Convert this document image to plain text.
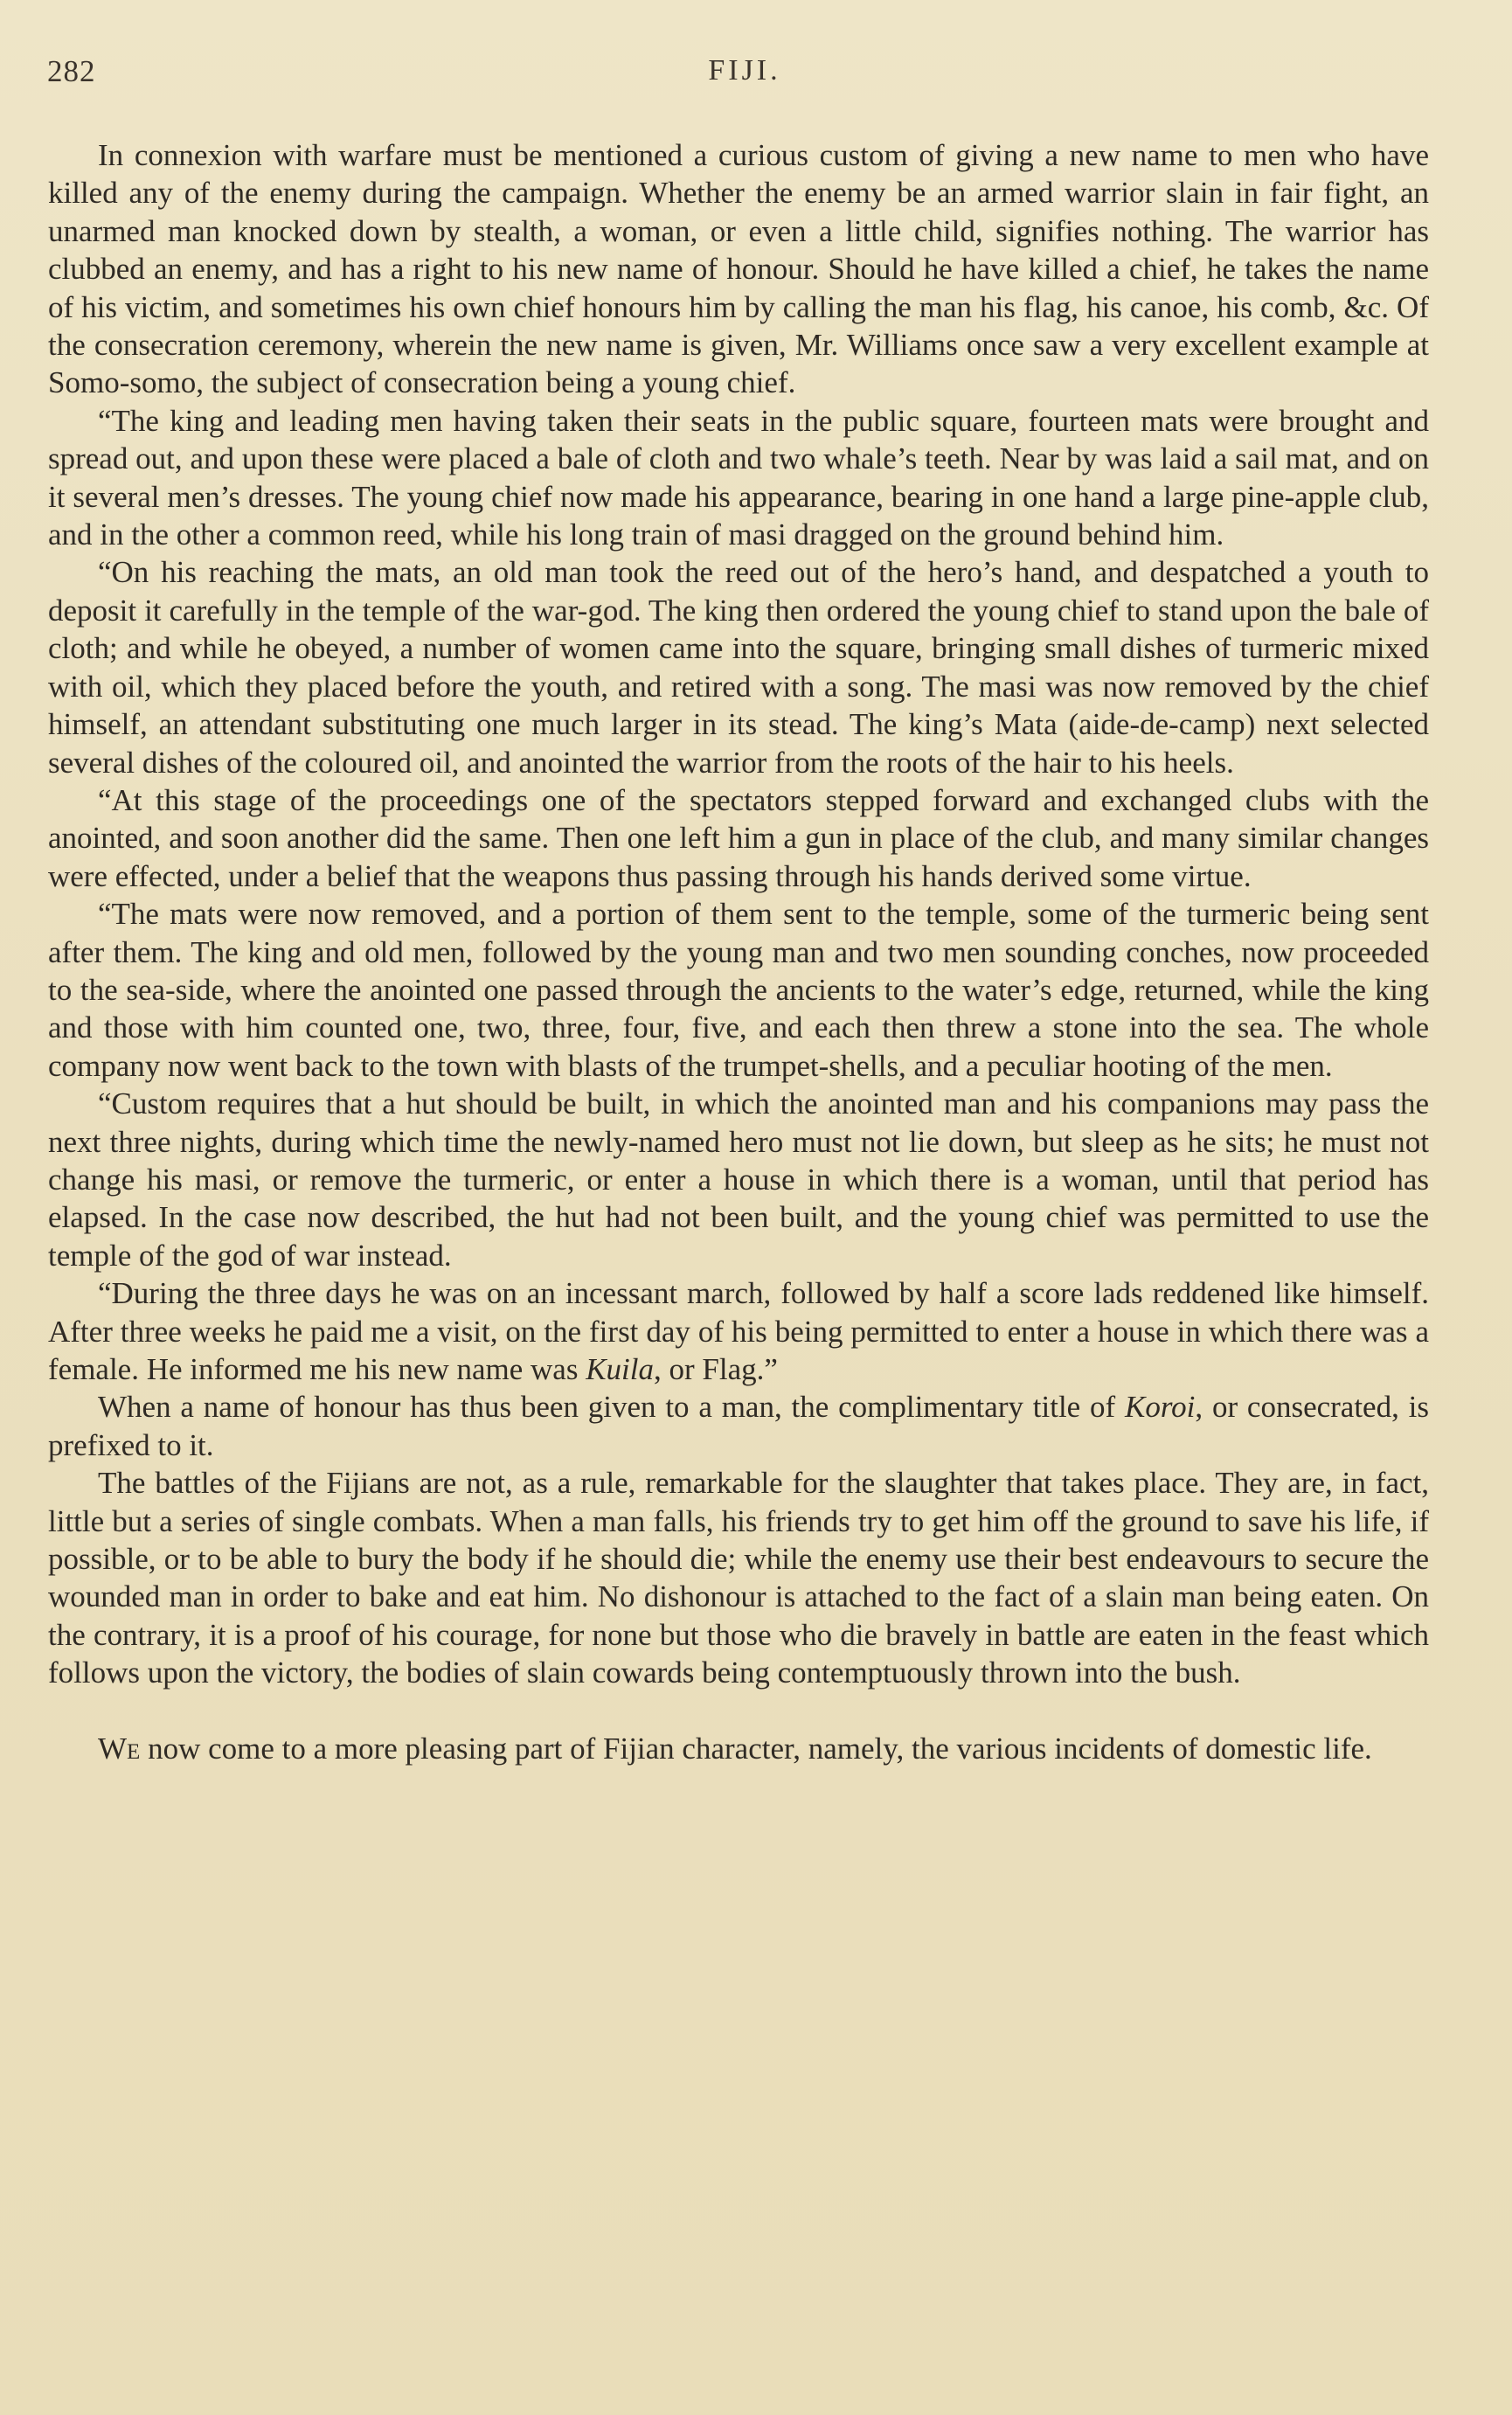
282	FIJI.

In connexion with warfare must be mentioned a curious custom of giving a new name to men who have killed any of the enemy during the campaign. Whether the enemy be an armed warrior slain in fair fight, an unarmed man knocked down by stealth, a woman, or even a little child, signifies nothing. The warrior has clubbed an enemy, and has a right to his new name of honour. Should he have killed a chief, he takes the name of his victim, and sometimes his own chief honours him by calling the man his flag, his canoe, his comb, &c. Of the consecration ceremony, wherein the new name is given, Mr. Williams once saw a very excellent example at Somo-somo, the subject of consecration being a young chief.

“The king and leading men having taken their seats in the public square, fourteen mats were brought and spread out, and upon these were placed a bale of cloth and two whale’s teeth. Near by was laid a sail mat, and on it several men’s dresses. The young chief now made his appearance, bearing in one hand a large pine-apple club, and in the other a common reed, while his long train of masi dragged on the ground behind him.

“On his reaching the mats, an old man took the reed out of the hero’s hand, and despatched a youth to deposit it carefully in the temple of the war-god. The king then ordered the young chief to stand upon the bale of cloth; and while he obeyed, a number of women came into the square, bringing small dishes of turmeric mixed with oil, which they placed before the youth, and retired with a song. The masi was now removed by the chief himself, an attendant substituting one much larger in its stead. The king’s Mata (aide-de-camp) next selected several dishes of the coloured oil, and anointed the warrior from the roots of the hair to his heels.

“At this stage of the proceedings one of the spectators stepped forward and exchanged clubs with the anointed, and soon another did the same. Then one left him a gun in place of the club, and many similar changes were effected, under a belief that the weapons thus passing through his hands derived some virtue.

“The mats were now removed, and a portion of them sent to the temple, some of the turmeric being sent after them. The king and old men, followed by the young man and two men sounding conches, now proceeded to the sea-side, where the anointed one passed through the ancients to the water’s edge, returned, while the king and those with him counted one, two, three, four, five, and each then threw a stone into the sea. The whole company now went back to the town with blasts of the trumpet-shells, and a peculiar hooting of the men.

“Custom requires that a hut should be built, in which the anointed man and his companions may pass the next three nights, during which time the newly-named hero must not lie down, but sleep as he sits; he must not change his masi, or remove the turmeric, or enter a house in which there is a woman, until that period has elapsed. In the case now described, the hut had not been built, and the young chief was permitted to use the temple of the god of war instead.

“During the three days he was on an incessant march, followed by half a score lads reddened like himself. After three weeks he paid me a visit, on the first day of his being permitted to enter a house in which there was a female. He informed me his new name was Kuila, or Flag.”

When a name of honour has thus been given to a man, the complimentary title of Koroi, or consecrated, is prefixed to it.

The battles of the Fijians are not, as a rule, remarkable for the slaughter that takes place. They are, in fact, little but a series of single combats. When a man falls, his friends try to get him off the ground to save his life, if possible, or to be able to bury the body if he should die; while the enemy use their best endeavours to secure the wounded man in order to bake and eat him. No dishonour is attached to the fact of a slain man being eaten. On the contrary, it is a proof of his courage, for none but those who die bravely in battle are eaten in the feast which follows upon the victory, the bodies of slain cowards being contemptuously thrown into the bush.

We now come to a more pleasing part of Fijian character, namely, the various incidents of domestic life.
